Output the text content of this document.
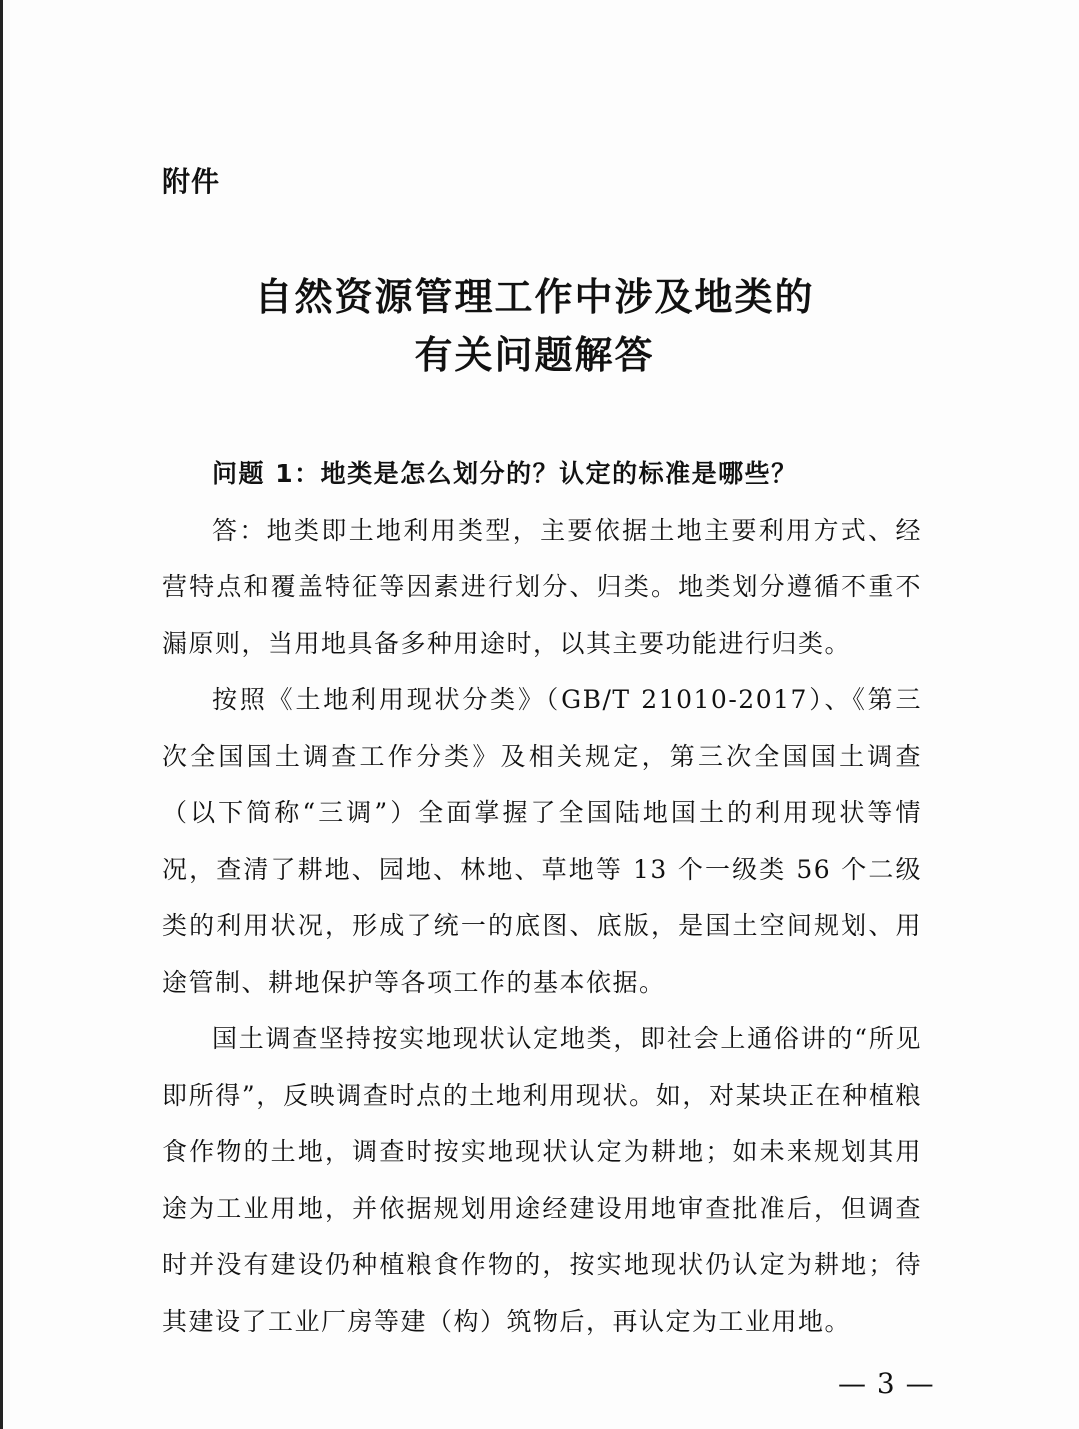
附件
自然资源管理工作中涉及地类的
有关问题解答

问题 1：地类是怎么划分的？认定的标准是哪些？

答：地类即土地利用类型，主要依据土地主要利用方式、经营特点和覆盖特征等因素进行划分、归类。地类划分遵循不重不漏原则，当用地具备多种用途时，以其主要功能进行归类。

按照《土地利用现状分类》（GB/T 21010-2017）、《第三次全国国土调查工作分类》及相关规定，第三次全国国土调查（以下简称“三调”）全面掌握了全国陆地国土的利用现状等情况，查清了耕地、园地、林地、草地等 13 个一级类 56 个二级类的利用状况，形成了统一的底图、底版，是国土空间规划、用途管制、耕地保护等各项工作的基本依据。

国土调查坚持按实地现状认定地类，即社会上通俗讲的“所见即所得”，反映调查时点的土地利用现状。如，对某块正在种植粮食作物的土地，调查时按实地现状认定为耕地；如未来规划其用途为工业用地，并依据规划用途经建设用地审查批准后，但调查时并没有建设仍种植粮食作物的，按实地现状仍认定为耕地；待其建设了工业厂房等建（构）筑物后，再认定为工业用地。

— 3 —
